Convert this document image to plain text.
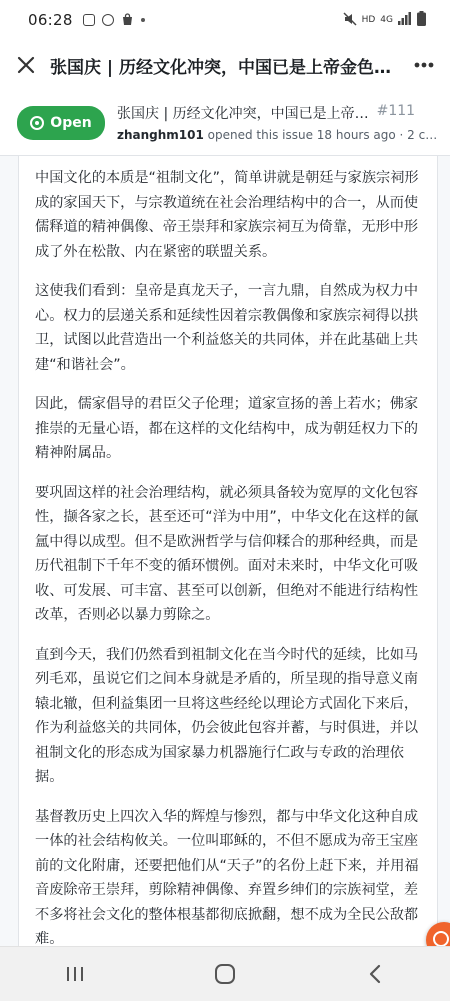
06:28	HD 4G
张国庆 | 历经文化冲突，中国已是上帝金色…
Open
张国庆 | 历经文化冲突，中国已是上帝… #111
zhanghm101 opened this issue 18 hours ago · 2 c…

中国文化的本质是“祖制文化”，简单讲就是朝廷与家族宗祠形成的家国天下，与宗教道统在社会治理结构中的合一，从而使儒释道的精神偶像、帝王崇拜和家族宗祠互为倚靠，无形中形成了外在松散、内在紧密的联盟关系。

这使我们看到：皇帝是真龙天子，一言九鼎，自然成为权力中心。权力的层递关系和延续性因着宗教偶像和家族宗祠得以拱卫，试图以此营造出一个利益悠关的共同体，并在此基础上共建“和谐社会”。

因此，儒家倡导的君臣父子伦理；道家宣扬的善上若水；佛家推崇的无量心语，都在这样的文化结构中，成为朝廷权力下的精神附属品。

要巩固这样的社会治理结构，就必须具备较为宽厚的文化包容性，撷各家之长，甚至还可“洋为中用”，中华文化在这样的氤氲中得以成型。但不是欧洲哲学与信仰糅合的那种经典，而是历代祖制下千年不变的循环惯例。面对未来时，中华文化可吸收、可发展、可丰富、甚至可以创新，但绝对不能进行结构性改革，否则必以暴力剪除之。

直到今天，我们仍然看到祖制文化在当今时代的延续，比如马列毛邓，虽说它们之间本身就是矛盾的，所呈现的指导意义南辕北辙，但利益集团一旦将这些经纶以理论方式固化下来后，作为利益悠关的共同体，仍会彼此包容并蓄，与时俱进，并以祖制文化的形态成为国家暴力机器施行仁政与专政的治理依据。

基督教历史上四次入华的辉煌与惨烈，都与中华文化这种自成一体的社会结构攸关。一位叫耶稣的，不但不愿成为帝王宝座前的文化附庸，还要把他们从“天子”的名份上赶下来，并用福音废除帝王崇拜，剪除精神偶像、弃置乡绅们的宗族祠堂，差不多将社会文化的整体根基都彻底掀翻，想不成为全民公敌都难。
